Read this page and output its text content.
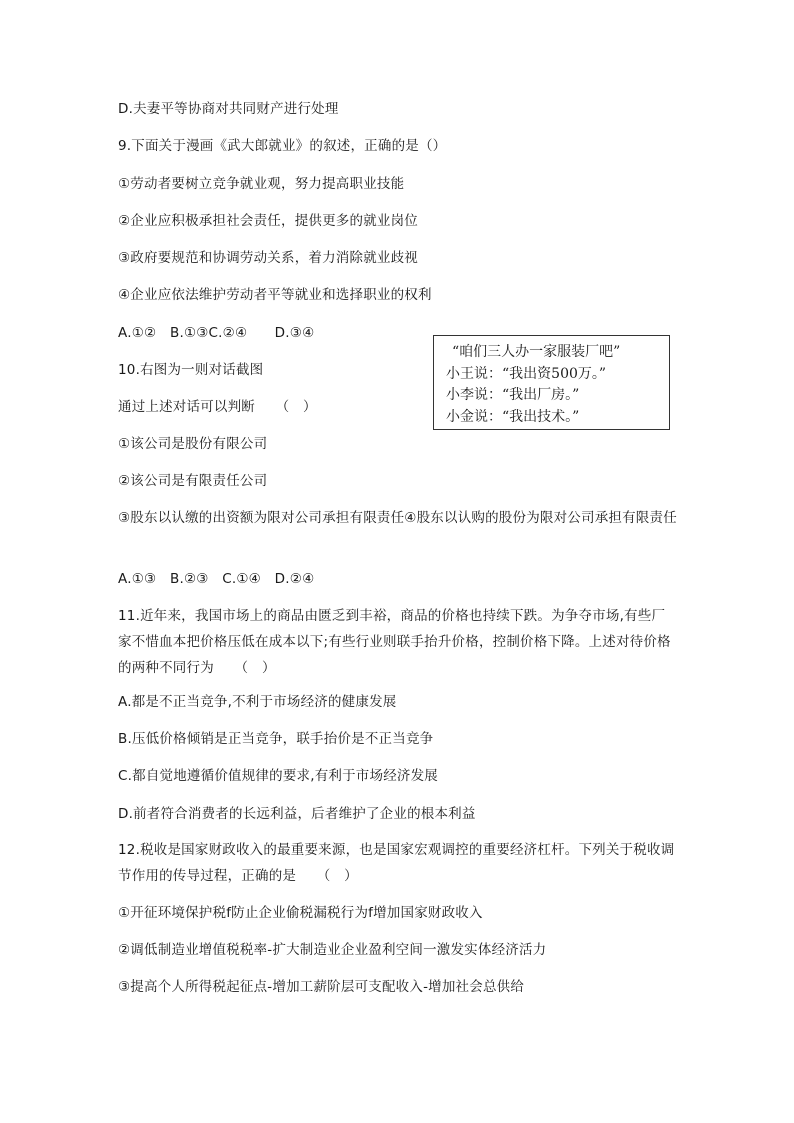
D.夫妻平等协商对共同财产进行处理
9.下面关于漫画《武大郎就业》的叙述，正确的是（）
①劳动者要树立竞争就业观，努力提高职业技能
②企业应积极承担社会责任，提供更多的就业岗位
③政府要规范和协调劳动关系，着力消除就业歧视
④企业应依法维护劳动者平等就业和选择职业的权利
A.①②　B.①③C.②④　　D.③④
10.右图为一则对话截图
通过上述对话可以判断　　（　）
①该公司是股份有限公司
②该公司是有限责任公司
③股东以认缴的出资额为限对公司承担有限责任④股东以认购的股份为限对公司承担有限责任
A.①③　B.②③　C.①④　D.②④
“咱们三人办一家服装厂吧”
小王说：“我出资500万。”
小李说：“我出厂房。”
小金说：“我出技术。”
11.近年来，我国市场上的商品由匮乏到丰裕，商品的价格也持续下跌。为争夺市场,有些厂家不惜血本把价格压低在成本以下;有些行业则联手抬升价格，控制价格下降。上述对待价格的两种不同行为　　（　）
A.都是不正当竞争,不利于市场经济的健康发展
B.压低价格倾销是正当竞争，联手抬价是不正当竞争
C.都自觉地遵循价值规律的要求,有利于市场经济发展
D.前者符合消费者的长远利益，后者维护了企业的根本利益
12.税收是国家财政收入的最重要来源，也是国家宏观调控的重要经济杠杆。下列关于税收调节作用的传导过程，正确的是　　（　）
①开征环境保护税f防止企业偷税漏税行为f增加国家财政收入
②调低制造业增值税税率-扩大制造业企业盈利空间一激发实体经济活力
③提高个人所得税起征点-增加工薪阶层可支配收入-增加社会总供给
